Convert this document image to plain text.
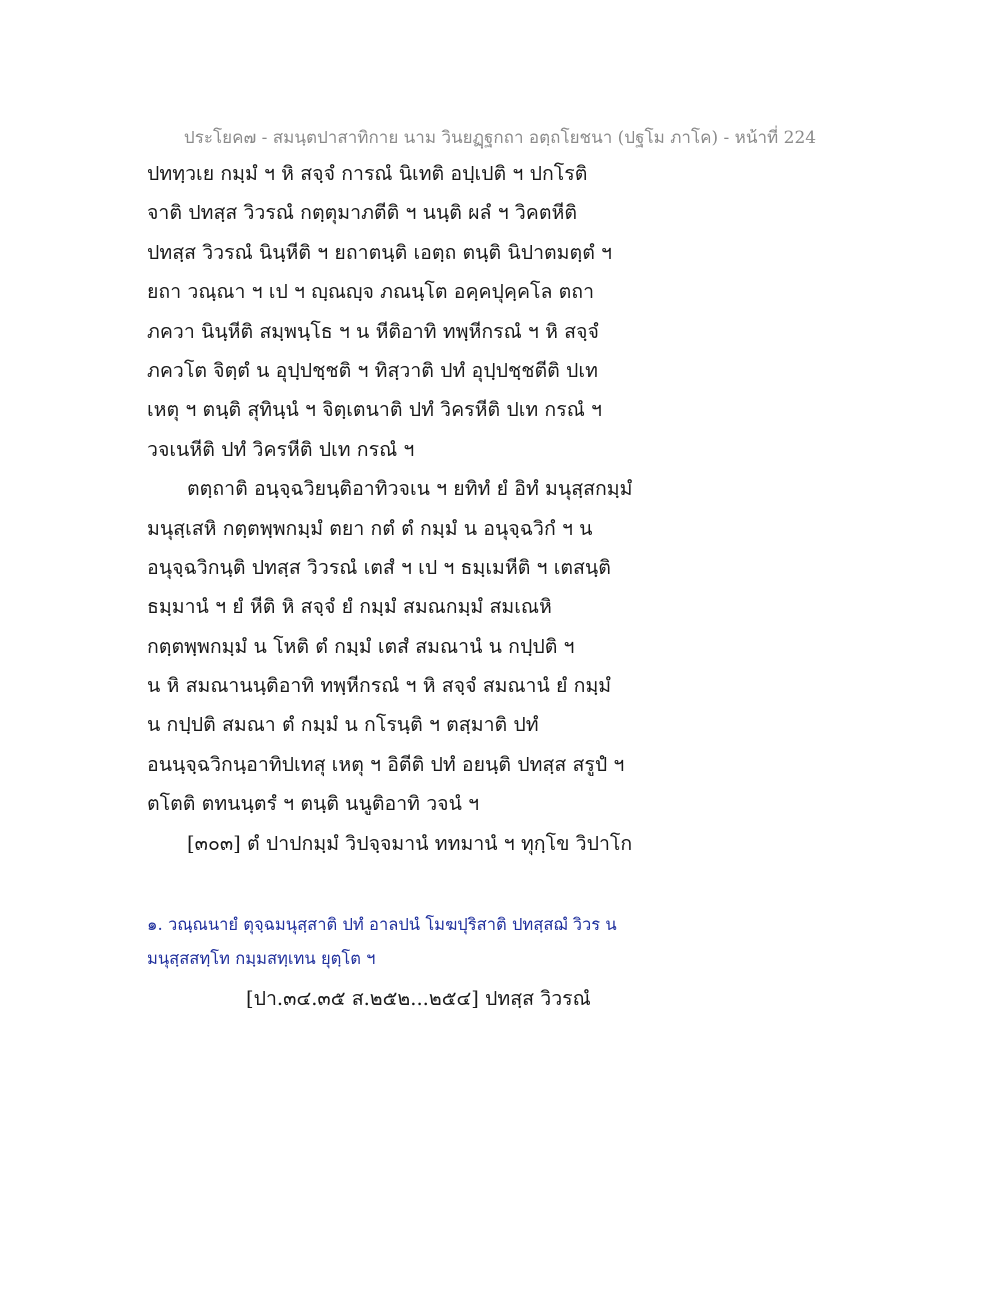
ประโยค๗ - สมนฺตปาสาทิกาย นาม วินยฏฺฐกถา อตฺถโยชนา (ปฐโม ภาโค) - หน้าที่ 224
ปททฺวเย กมฺมํ ฯ หิ สจฺจํ การณํ นิเทติ อปฺเปติ ฯ ปกโรติ
จาติ ปทสฺส วิวรณํ กตฺตุมาภตีติ ฯ นนฺติ ผลํ ฯ วิคตหีติ
ปทสฺส วิวรณํ นินฺหีติ ฯ ยถาตนฺติ เอตฺถ ตนฺติ นิปาตมตฺตํ ฯ
ยถา วณฺณา ฯ เป ฯ ญฺณญฺจ ภณนฺโต อคฺคปุคฺคโล ตถา
ภควา นินฺหีติ สมฺพนฺโธ ฯ น หีติอาทิ ทพฺหีกรณํ ฯ หิ สจฺจํ
ภควโต จิตฺตํ น อุปฺปชฺชติ ฯ ทิสฺวาติ ปทํ อุปฺปชฺชตีติ ปเท
เหตุ ฯ ตนฺติ สุทินฺนํ ฯ จิตฺเตนาติ ปทํ วิครหีติ ปเท กรณํ ฯ
วจเนหีติ ปทํ วิครหีติ ปเท กรณํ ฯ
ตตฺถาติ อนฺจฺฉวิยนฺติอาทิวจเน ฯ ยทิทํ ยํ อิทํ มนุสฺสกมฺมํ
มนุสฺเสหิ กตฺตพฺพกมฺมํ ตยา กตํ ตํ กมฺมํ น อนุจฺฉวิกํ ฯ น
อนุจฺฉวิกนฺติ ปทสฺส วิวรณํ เตสํ ฯ เป ฯ ธมฺเมหีติ ฯ เตสนฺติ
ธมฺมานํ ฯ ยํ หีติ หิ สจฺจํ ยํ กมฺมํ สมณกมฺมํ สมเณหิ
กตฺตพฺพกมฺมํ น โหติ ตํ กมฺมํ เตสํ สมณานํ น กปฺปติ ฯ
น หิ สมณานนฺติอาทิ ทพฺหีกรณํ ฯ หิ สจฺจํ สมณานํ ยํ กมฺมํ
น กปฺปติ สมณา ตํ กมฺมํ น กโรนฺติ ฯ ตสฺมาติ ปทํ
อนนฺจฺฉวิกนฺอาทิปเทสุ เหตุ ฯ อิตีติ ปทํ อยนฺติ ปทสฺส สรูปํ ฯ
ตโตติ ตทนนฺตรํ ฯ ตนฺติ นนูติอาทิ วจนํ ฯ
[๓๐๓] ตํ ปาปกมฺมํ วิปจฺจมานํ ททมานํ ฯ ทุกฺโข วิปาโก
๑. วณฺณนายํ ตุจฺฉมนุสฺสาติ ปทํ อาลปนํ โมฆปุริสาติ ปทสฺสฌํ วิวร น
มนุสฺสสทฺโท กมฺมสทฺเทน ยุตฺโต ฯ
[ปา.๓๔.๓๕ ส.๒๕๒...๒๕๔] ปทสฺส วิวรณํ
